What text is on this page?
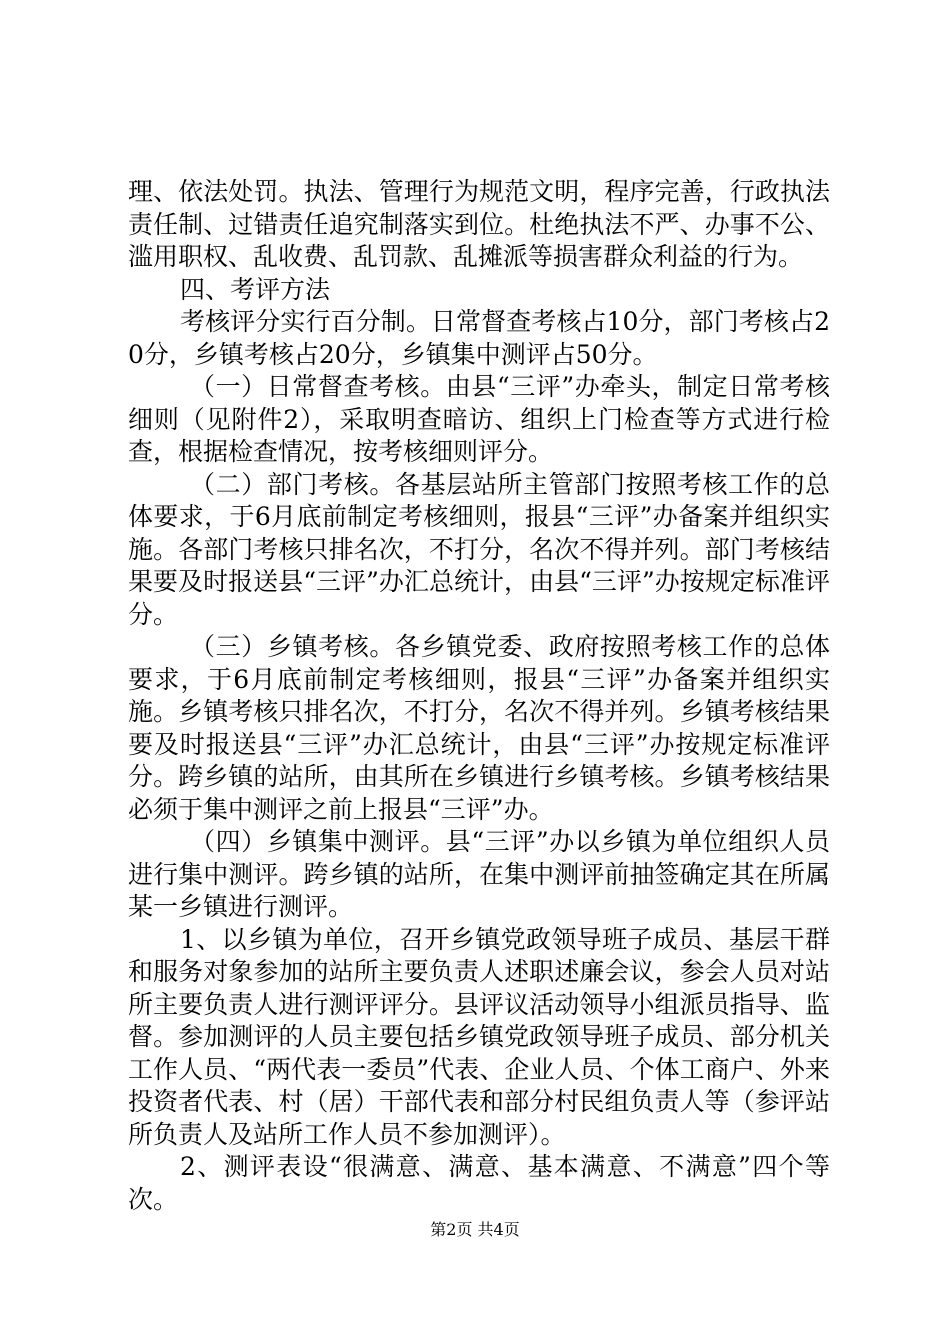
理、依法处罚。执法、管理行为规范文明，程序完善，行政执法责任制、过错责任追究制落实到位。杜绝执法不严、办事不公、滥用职权、乱收费、乱罚款、乱摊派等损害群众利益的行为。

四、考评方法

考核评分实行百分制。日常督查考核占10分，部门考核占20分，乡镇考核占20分，乡镇集中测评占50分。

（一）日常督查考核。由县“三评”办牵头，制定日常考核细则（见附件2），采取明查暗访、组织上门检查等方式进行检查，根据检查情况，按考核细则评分。

（二）部门考核。各基层站所主管部门按照考核工作的总体要求，于6月底前制定考核细则，报县“三评”办备案并组织实施。各部门考核只排名次，不打分，名次不得并列。部门考核结果要及时报送县“三评”办汇总统计，由县“三评”办按规定标准评分。

（三）乡镇考核。各乡镇党委、政府按照考核工作的总体要求，于6月底前制定考核细则，报县“三评”办备案并组织实施。乡镇考核只排名次，不打分，名次不得并列。乡镇考核结果要及时报送县“三评”办汇总统计，由县“三评”办按规定标准评分。跨乡镇的站所，由其所在乡镇进行乡镇考核。乡镇考核结果必须于集中测评之前上报县“三评”办。

（四）乡镇集中测评。县“三评”办以乡镇为单位组织人员进行集中测评。跨乡镇的站所，在集中测评前抽签确定其在所属某一乡镇进行测评。

1、以乡镇为单位，召开乡镇党政领导班子成员、基层干群和服务对象参加的站所主要负责人述职述廉会议，参会人员对站所主要负责人进行测评评分。县评议活动领导小组派员指导、监督。参加测评的人员主要包括乡镇党政领导班子成员、部分机关工作人员、“两代表一委员”代表、企业人员、个体工商户、外来投资者代表、村（居）干部代表和部分村民组负责人等（参评站所负责人及站所工作人员不参加测评）。

2、测评表设“很满意、满意、基本满意、不满意”四个等次。

第2页 共4页
